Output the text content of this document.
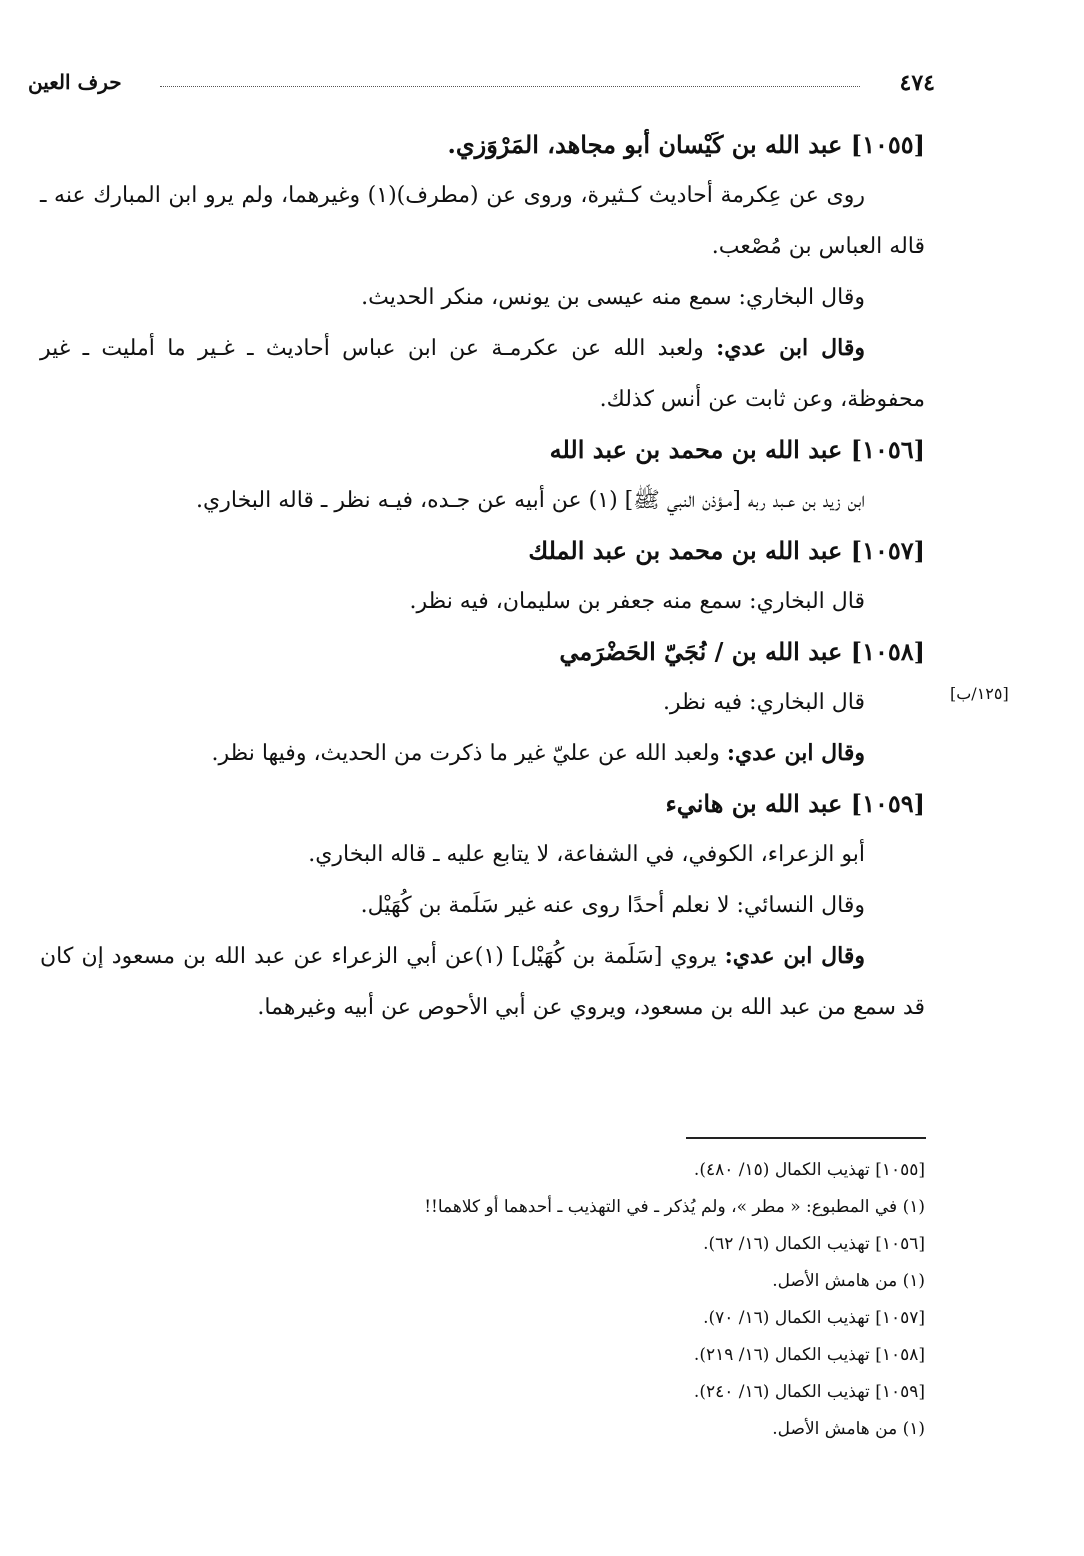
٤٧٤
حرف العين
[١٢٥/ب]

[١٠٥٥] عبد الله بن كَيْسان أبو مجاهد، المَرْوَزي.

روى عن عِكرمة أحاديث كـثيرة، وروى عن (مطرف)(١) وغيرهما، ولم يرو ابن المبارك عنه ـ قاله العباس بن مُصْعب.

وقال البخاري: سمع منه عيسى بن يونس، منكر الحديث.

وقال ابن عدي: ولعبد الله عن عكرمـة عن ابن عباس أحاديث ـ غـير ما أمليت ـ غير محفوظة، وعن ثابت عن أنس كذلك.

[١٠٥٦] عبد الله بن محمد بن عبد الله

ابن زيد بن عـبد ربه [مـؤذن النبي ﷺ] (١) عن أبيه عن جـده، فيـه نظر ـ قاله البخاري.

[١٠٥٧] عبد الله بن محمد بن عبد الملك

قال البخاري: سمع منه جعفر بن سليمان، فيه نظر.

[١٠٥٨] عبد الله بن / نُجَيّ الحَضْرَمي

قال البخاري: فيه نظر.

وقال ابن عدي: ولعبد الله عن عليّ غير ما ذكرت من الحديث، وفيها نظر.

[١٠٥٩] عبد الله بن هانيء

أبو الزعراء، الكوفي، في الشفاعة، لا يتابع عليه ـ قاله البخاري.

وقال النسائي: لا نعلم أحدًا روى عنه غير سَلَمة بن كُهَيْل.

وقال ابن عدي: يروي [سَلَمة بن كُهَيْل] (١)عن أبي الزعراء عن عبد الله بن مسعود إن كان قد سمع من عبد الله بن مسعود، ويروي عن أبي الأحوص عن أبيه وغيرهما.

[١٠٥٥] تهذيب الكمال (١٥/ ٤٨٠).
(١) في المطبوع: « مطر »، ولم يُذكر ـ في التهذيب ـ أحدهما أو كلاهما!!
[١٠٥٦] تهذيب الكمال (١٦/ ٦٢).
(١) من هامش الأصل.
[١٠٥٧] تهذيب الكمال (١٦/ ٧٠).
[١٠٥٨] تهذيب الكمال (١٦/ ٢١٩).
[١٠٥٩] تهذيب الكمال (١٦/ ٢٤٠).
(١) من هامش الأصل.
